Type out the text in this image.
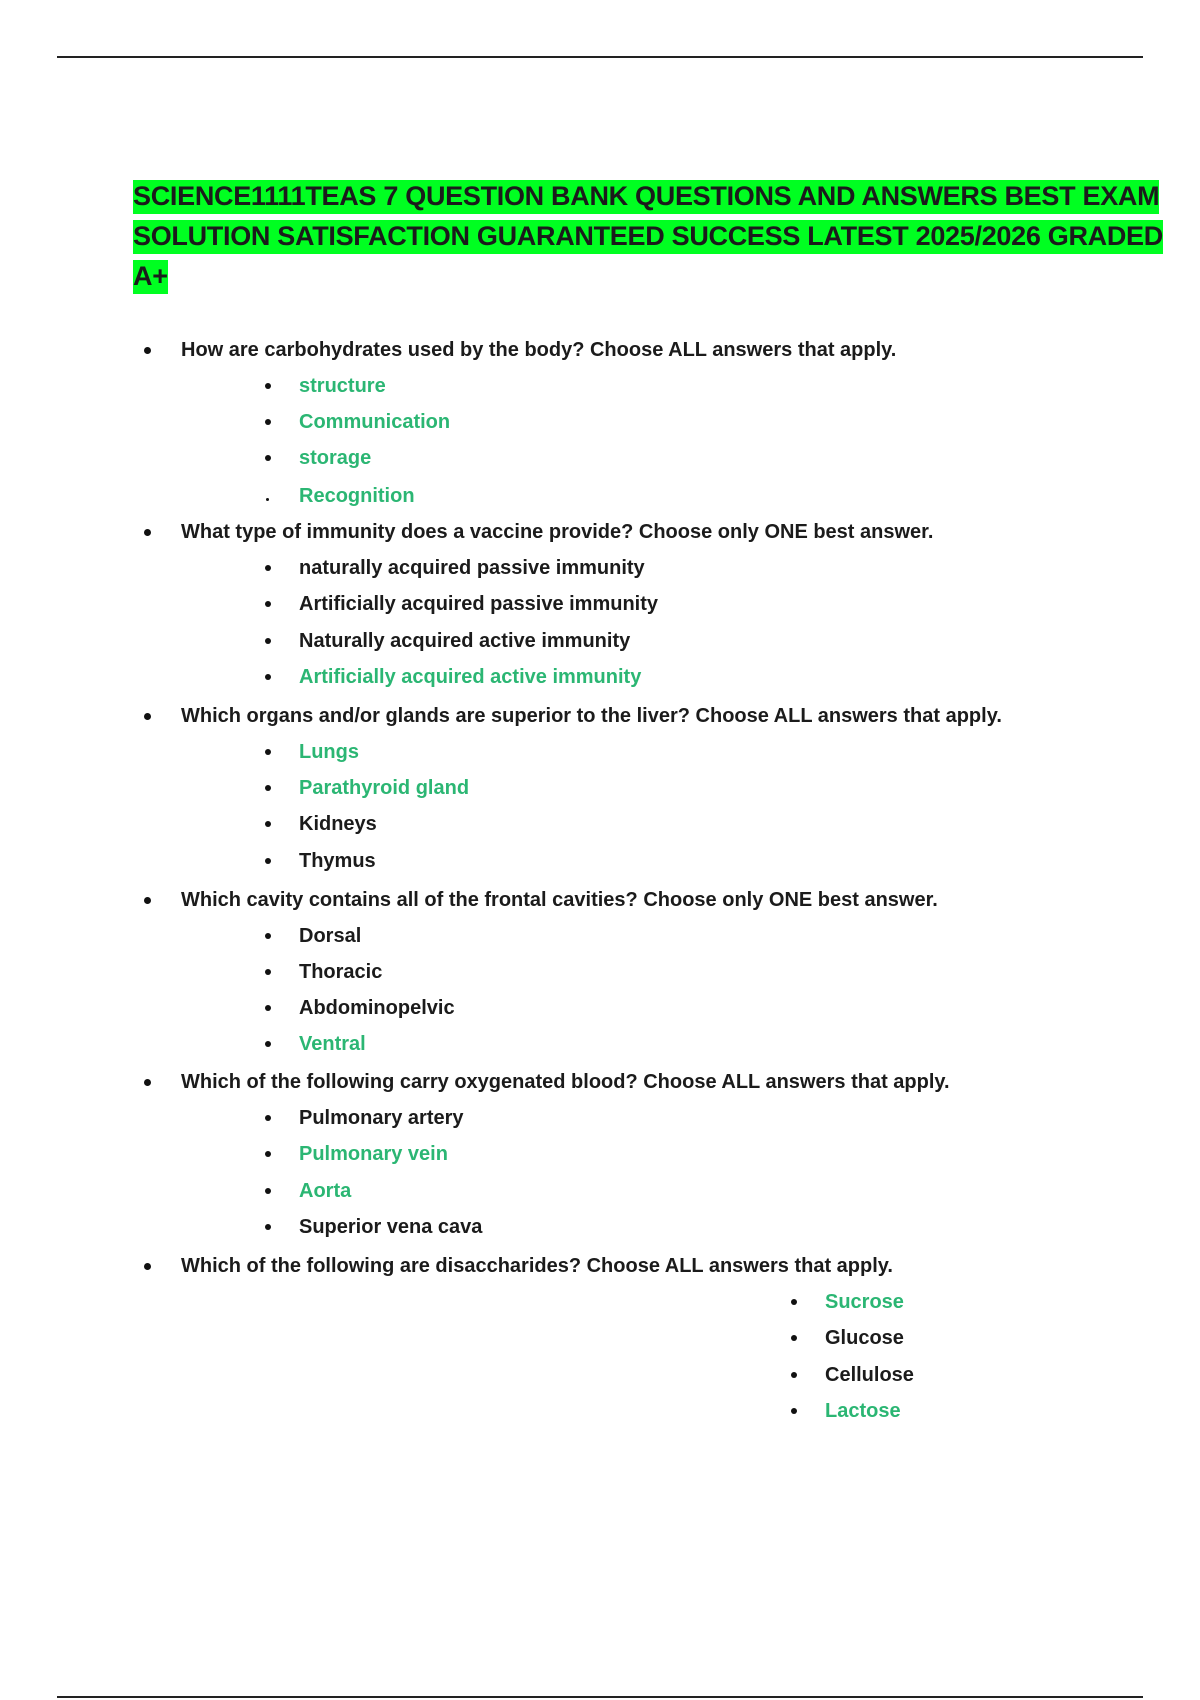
SCIENCE1111TEAS 7 QUESTION BANK QUESTIONS AND ANSWERS BEST EXAM SOLUTION SATISFACTION GUARANTEED SUCCESS LATEST 2025/2026 GRADED A+
How are carbohydrates used by the body? Choose ALL answers that apply.
structure
Communication
storage
Recognition
What type of immunity does a vaccine provide? Choose only ONE best answer.
naturally acquired passive immunity
Artificially acquired passive immunity
Naturally acquired active immunity
Artificially acquired active immunity
Which organs and/or glands are superior to the liver? Choose ALL answers that apply.
Lungs
Parathyroid gland
Kidneys
Thymus
Which cavity contains all of the frontal cavities? Choose only ONE best answer.
Dorsal
Thoracic
Abdominopelvic
Ventral
Which of the following carry oxygenated blood? Choose ALL answers that apply.
Pulmonary artery
Pulmonary vein
Aorta
Superior vena cava
Which of the following are disaccharides? Choose ALL answers that apply.
Sucrose
Glucose
Cellulose
Lactose
